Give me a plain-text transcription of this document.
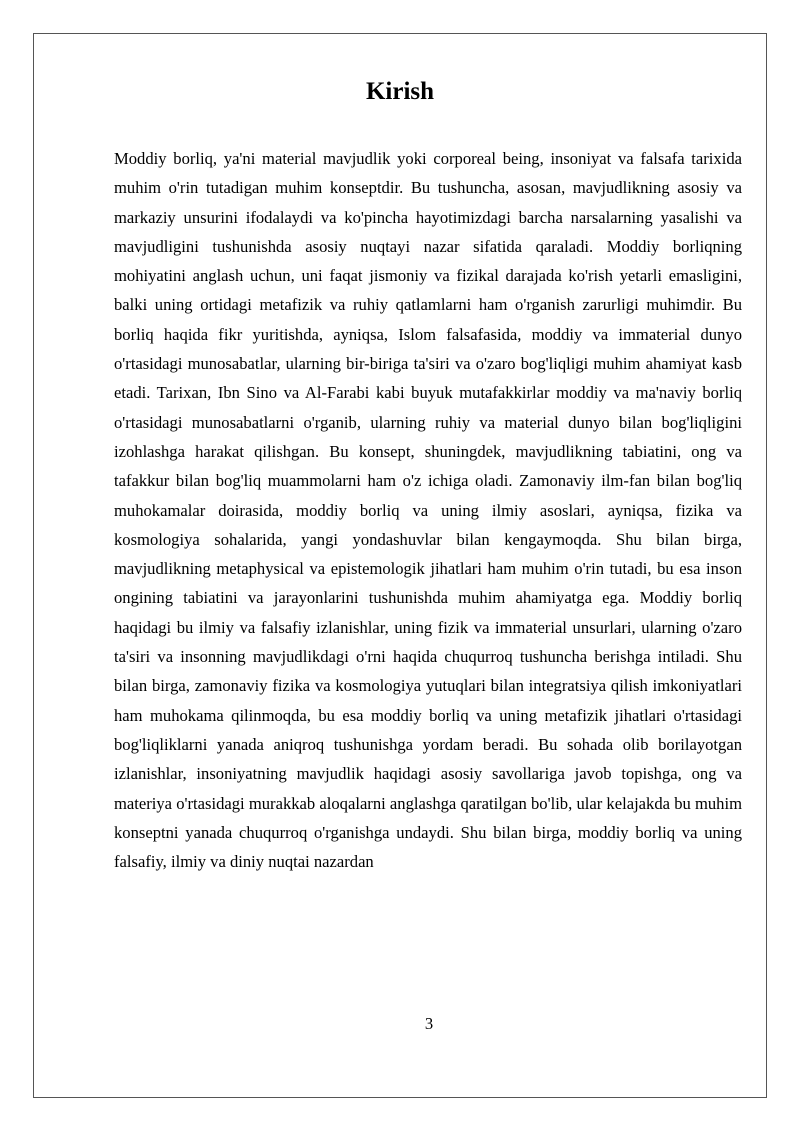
Kirish

Moddiy borliq, ya'ni material mavjudlik yoki corporeal being, insoniyat va falsafa tarixida muhim o'rin tutadigan muhim konseptdir. Bu tushuncha, asosan, mavjudlikning asosiy va markaziy unsurini ifodalaydi va ko'pincha hayotimizdagi barcha narsalarning yasalishi va mavjudligini tushunishda asosiy nuqtayi nazar sifatida qaraladi. Moddiy borliqning mohiyatini anglash uchun, uni faqat jismoniy va fizikal darajada ko'rish yetarli emasligini, balki uning ortidagi metafizik va ruhiy qatlamlarni ham o'rganish zarurligi muhimdir. Bu borliq haqida fikr yuritishda, ayniqsa, Islom falsafasida, moddiy va immaterial dunyo o'rtasidagi munosabatlar, ularning bir-biriga ta'siri va o'zaro bog'liqligi muhim ahamiyat kasb etadi. Tarixan, Ibn Sino va Al-Farabi kabi buyuk mutafakkirlar moddiy va ma'naviy borliq o'rtasidagi munosabatlarni o'rganib, ularning ruhiy va material dunyo bilan bog'liqligini izohlashga harakat qilishgan. Bu konsept, shuningdek, mavjudlikning tabiatini, ong va tafakkur bilan bog'liq muammolarni ham o'z ichiga oladi. Zamonaviy ilm-fan bilan bog'liq muhokamalar doirasida, moddiy borliq va uning ilmiy asoslari, ayniqsa, fizika va kosmologiya sohalarida, yangi yondashuvlar bilan kengaymoqda. Shu bilan birga, mavjudlikning metaphysical va epistemologik jihatlari ham muhim o'rin tutadi, bu esa inson ongining tabiatini va jarayonlarini tushunishda muhim ahamiyatga ega. Moddiy borliq haqidagi bu ilmiy va falsafiy izlanishlar, uning fizik va immaterial unsurlari, ularning o'zaro ta'siri va insonning mavjudlikdagi o'rni haqida chuqurroq tushuncha berishga intiladi. Shu bilan birga, zamonaviy fizika va kosmologiya yutuqlari bilan integratsiya qilish imkoniyatlari ham muhokama qilinmoqda, bu esa moddiy borliq va uning metafizik jihatlari o'rtasidagi bog'liqliklarni yanada aniqroq tushunishga yordam beradi. Bu sohada olib borilayotgan izlanishlar, insoniyatning mavjudlik haqidagi asosiy savollariga javob topishga, ong va materiya o'rtasidagi murakkab aloqalarni anglashga qaratilgan bo'lib, ular kelajakda bu muhim konseptni yanada chuqurroq o'rganishga undaydi. Shu bilan birga, moddiy borliq va uning falsafiy, ilmiy va diniy nuqtai nazardan

3
